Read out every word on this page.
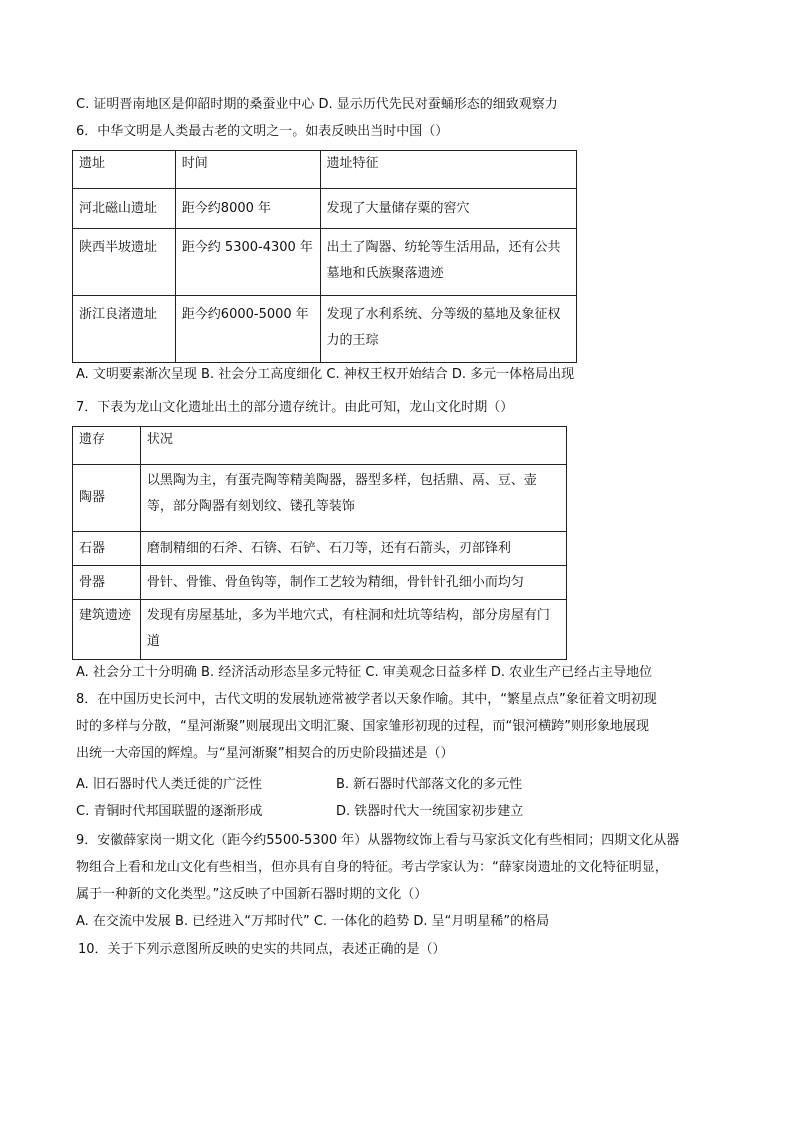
C. 证明晋南地区是仰韶时期的桑蚕业中心 D. 显示历代先民对蚕蛹形态的细致观察力
6．中华文明是人类最古老的文明之一。如表反映出当时中国（）
遗址	时间	遗址特征
河北磁山遗址	距今约8000 年	发现了大量储存粟的窖穴
陕西半坡遗址	距今约 5300-4300 年	出土了陶器、纺轮等生活用品，还有公共墓地和氏族聚落遗迹
浙江良渚遗址	距今约6000-5000 年	发现了水利系统、分等级的墓地及象征权力的王琮
A. 文明要素渐次呈现 B. 社会分工高度细化 C. 神权王权开始结合 D. 多元一体格局出现
7．下表为龙山文化遗址出土的部分遗存统计。由此可知，龙山文化时期（）
遗存	状况
陶器	以黑陶为主，有蛋壳陶等精美陶器，器型多样，包括鼎、鬲、豆、壶等，部分陶器有刻划纹、镂孔等装饰
石器	磨制精细的石斧、石锛、石铲、石刀等，还有石箭头，刃部锋利
骨器	骨针、骨锥、骨鱼钩等，制作工艺较为精细，骨针针孔细小而均匀
建筑遗迹	发现有房屋基址，多为半地穴式，有柱洞和灶坑等结构，部分房屋有门道
A. 社会分工十分明确 B. 经济活动形态呈多元特征 C. 审美观念日益多样 D. 农业生产已经占主导地位
8．在中国历史长河中，古代文明的发展轨迹常被学者以天象作喻。其中，“繁星点点”象征着文明初现
时的多样与分散，“星河渐聚”则展现出文明汇聚、国家雏形初现的过程，而“银河横跨”则形象地展现
出统一大帝国的辉煌。与“星河渐聚”相契合的历史阶段描述是（）
A. 旧石器时代人类迁徙的广泛性	B. 新石器时代部落文化的多元性
C. 青铜时代邦国联盟的逐渐形成	D. 铁器时代大一统国家初步建立
9．安徽薛家岗一期文化（距今约5500-5300 年）从器物纹饰上看与马家浜文化有些相同；四期文化从器
物组合上看和龙山文化有些相当，但亦具有自身的特征。考古学家认为：“薛家岗遗址的文化特征明显，
属于一种新的文化类型。”这反映了中国新石器时期的文化（）
A. 在交流中发展 B. 已经进入“万邦时代” C. 一体化的趋势 D. 呈“月明星稀”的格局
10．关于下列示意图所反映的史实的共同点，表述正确的是（）
